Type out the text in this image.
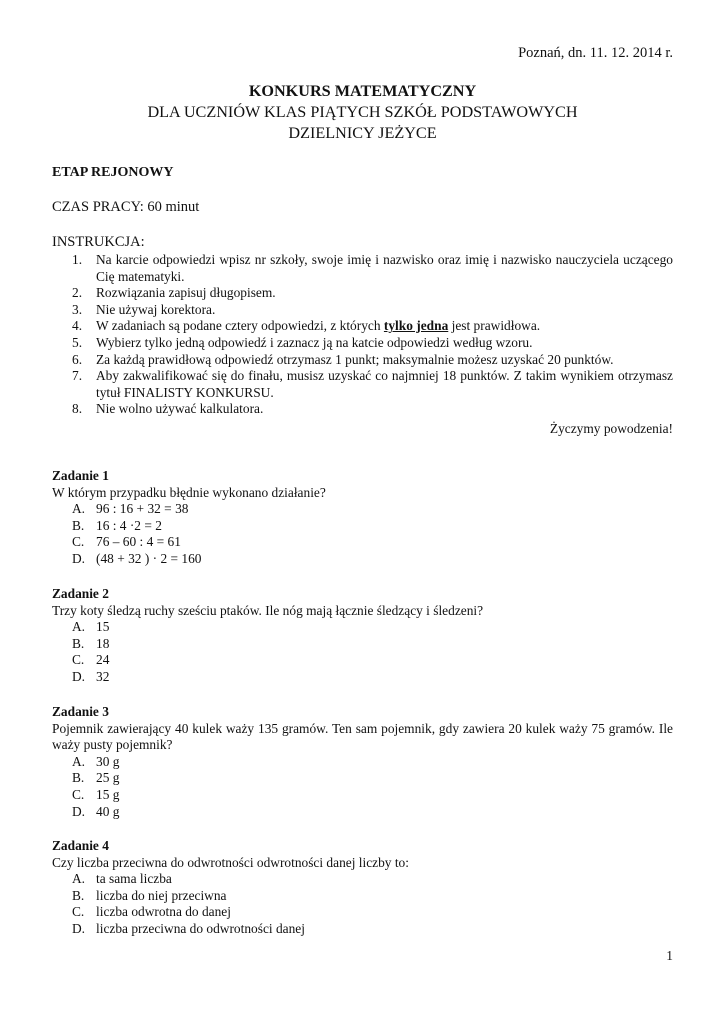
Poznań, dn. 11. 12. 2014 r.
KONKURS MATEMATYCZNY
DLA UCZNIÓW KLAS PIĄTYCH SZKÓŁ PODSTAWOWYCH
DZIELNICY JEŻYCE
ETAP REJONOWY
CZAS PRACY: 60 minut
INSTRUKCJA:
1. Na karcie odpowiedzi wpisz nr szkoły, swoje imię i nazwisko oraz imię i nazwisko nauczyciela uczącego Cię matematyki.
2. Rozwiązania zapisuj długopisem.
3. Nie używaj korektora.
4. W zadaniach są podane cztery odpowiedzi, z których tylko jedna jest prawidłowa.
5. Wybierz tylko jedną odpowiedź i zaznacz ją na katcie odpowiedzi według wzoru.
6. Za każdą prawidłową odpowiedź otrzymasz 1 punkt; maksymalnie możesz uzyskać 20 punktów.
7. Aby zakwalifikować się do finału, musisz uzyskać co najmniej 18 punktów. Z takim wynikiem otrzymasz tytuł FINALISTY KONKURSU.
8. Nie wolno używać kalkulatora.
Życzymy powodzenia!
Zadanie 1
W którym przypadku błędnie wykonano działanie?
A. 96 : 16 + 32 = 38
B. 16 : 4 ·2 = 2
C. 76 – 60 : 4 = 61
D. (48 + 32 ) · 2 = 160
Zadanie 2
Trzy koty śledzą ruchy sześciu ptaków. Ile nóg mają łącznie śledzący i śledzeni?
A. 15
B. 18
C. 24
D. 32
Zadanie 3
Pojemnik zawierający 40 kulek waży 135 gramów. Ten sam pojemnik, gdy zawiera 20 kulek waży 75 gramów. Ile waży pusty pojemnik?
A. 30 g
B. 25 g
C. 15 g
D. 40 g
Zadanie 4
Czy liczba przeciwna do odwrotności odwrotności danej liczby to:
A. ta sama liczba
B. liczba do niej przeciwna
C. liczba odwrotna do danej
D. liczba przeciwna do odwrotności danej
1
